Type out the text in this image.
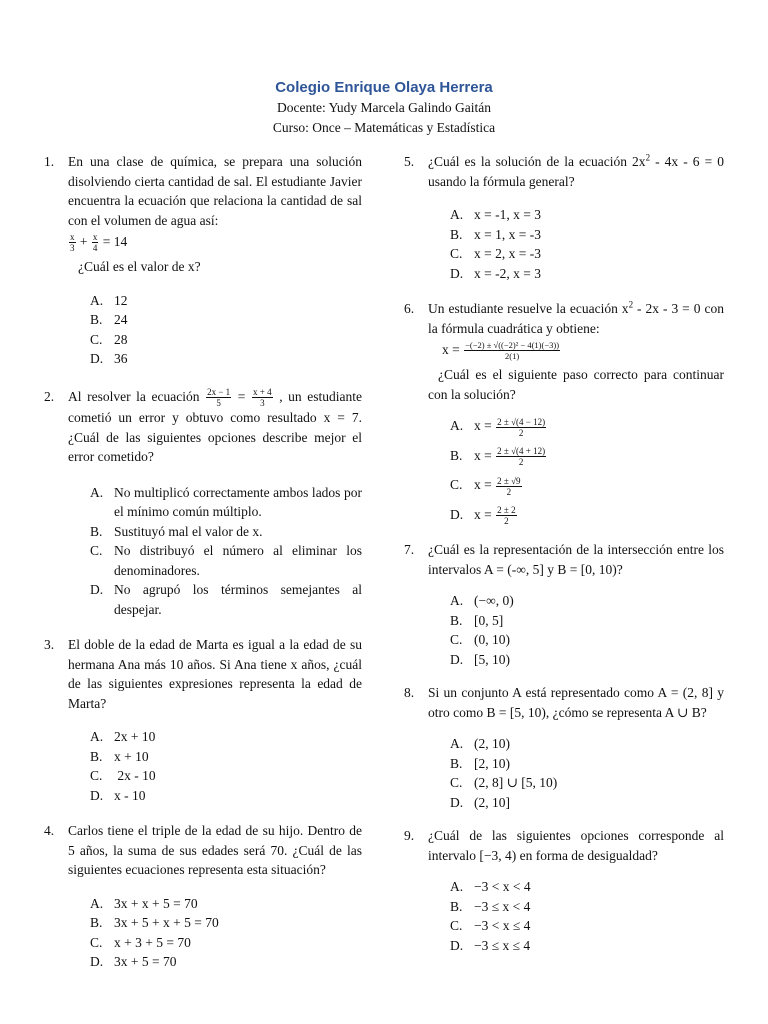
Colegio Enrique Olaya Herrera
Docente: Yudy Marcela Galindo Gaitán
Curso: Once – Matemáticas y Estadística
1. En una clase de química, se prepara una solución disolviendo cierta cantidad de sal. El estudiante Javier encuentra la ecuación que relaciona la cantidad de sal con el volumen de agua así:
$\frac{x}{3} + \frac{x}{4} = 14$
¿Cuál es el valor de x?
A. 12
B. 24
C. 28
D. 36
2. Al resolver la ecuación $\frac{2x - 1}{5} = \frac{x + 4}{3}$ , un estudiante cometió un error y obtuvo como resultado x = 7. ¿Cuál de las siguientes opciones describe mejor el error cometido?
A. No multiplicó correctamente ambos lados por el mínimo común múltiplo.
B. Sustituyó mal el valor de x.
C. No distribuyó el número al eliminar los denominadores.
D. No agrupó los términos semejantes al despejar.
3. El doble de la edad de Marta es igual a la edad de su hermana Ana más 10 años. Si Ana tiene x años, ¿cuál de las siguientes expresiones representa la edad de Marta?
A. 2x + 10
B. x + 10
C. 2x - 10
D. x - 10
4. Carlos tiene el triple de la edad de su hijo. Dentro de 5 años, la suma de sus edades será 70. ¿Cuál de las siguientes ecuaciones representa esta situación?
A. 3x + x + 5 = 70
B. 3x + 5 + x + 5 = 70
C. x + 3 + 5 = 70
D. 3x + 5 = 70
5. ¿Cuál es la solución de la ecuación $2x^2 - 4x - 6 = 0$ usando la fórmula general?
A. x = -1, x = 3
B. x = 1, x = -3
C. x = 2, x = -3
D. x = -2, x = 3
6. Un estudiante resuelve la ecuación $x^2 - 2x - 3 = 0$ con la fórmula cuadrática y obtiene:
$x = \frac{\text{−(−2) ± √((−2)² − 4(1)(−3))}}{2(1)}$
¿Cuál es el siguiente paso correcto para continuar con la solución?
A. $x = \frac{2 \pm √(4 - 12)}{2}$
B. $x = \frac{2 \pm √(4 + 12)}{2}$
C. $x = \frac{2 \pm √9}{2}$
D. $x = \frac{2 \pm 2}{2}$
7. ¿Cuál es la representación de la intersección entre los intervalos A = (-∞, 5] y B = [0, 10)?
A. (−∞, 0)
B. [0, 5]
C. (0, 10)
D. [5, 10)
8. Si un conjunto A está representado como A = (2, 8] y otro como B = [5, 10), ¿cómo se representa A ∪ B?
A. (2, 10)
B. [2, 10)
C. (2, 8] ∪ [5, 10)
D. (2, 10]
9. ¿Cuál de las siguientes opciones corresponde al intervalo [−3, 4) en forma de desigualdad?
A. −3 < x < 4
B. −3 ≤ x < 4
C. −3 < x ≤ 4
D. −3 ≤ x ≤ 4
